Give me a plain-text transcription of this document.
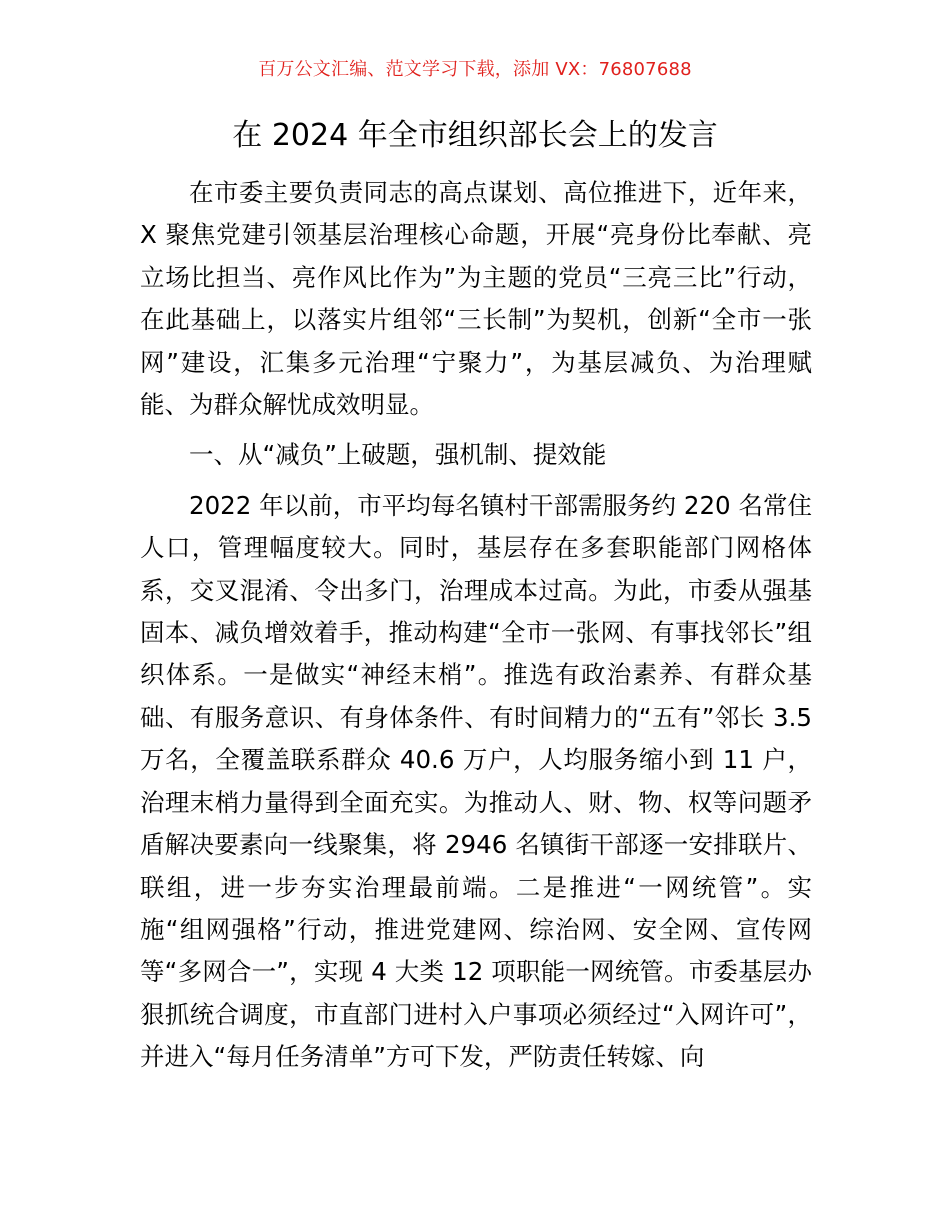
百万公文汇编、范文学习下载，添加 VX：76807688
在 2024 年全市组织部长会上的发言

在市委主要负责同志的高点谋划、高位推进下，近年来，X 聚焦党建引领基层治理核心命题，开展“亮身份比奉献、亮立场比担当、亮作风比作为”为主题的党员“三亮三比”行动，在此基础上，以落实片组邻“三长制”为契机，创新“全市一张网”建设，汇集多元治理“宁聚力”，为基层减负、为治理赋能、为群众解忧成效明显。

一、从“减负”上破题，强机制、提效能

2022 年以前，市平均每名镇村干部需服务约 220 名常住人口，管理幅度较大。同时，基层存在多套职能部门网格体系，交叉混淆、令出多门，治理成本过高。为此，市委从强基固本、减负增效着手，推动构建“全市一张网、有事找邻长”组织体系。一是做实“神经末梢”。推选有政治素养、有群众基础、有服务意识、有身体条件、有时间精力的“五有”邻长 3.5 万名，全覆盖联系群众 40.6 万户，人均服务缩小到 11 户，治理末梢力量得到全面充实。为推动人、财、物、权等问题矛盾解决要素向一线聚集，将 2946 名镇街干部逐一安排联片、联组，进一步夯实治理最前端。二是推进“一网统管”。实施“组网强格”行动，推进党建网、综治网、安全网、宣传网等“多网合一”，实现 4 大类 12 项职能一网统管。市委基层办狠抓统合调度，市直部门进村入户事项必须经过“入网许可”，并进入“每月任务清单”方可下发，严防责任转嫁、向
